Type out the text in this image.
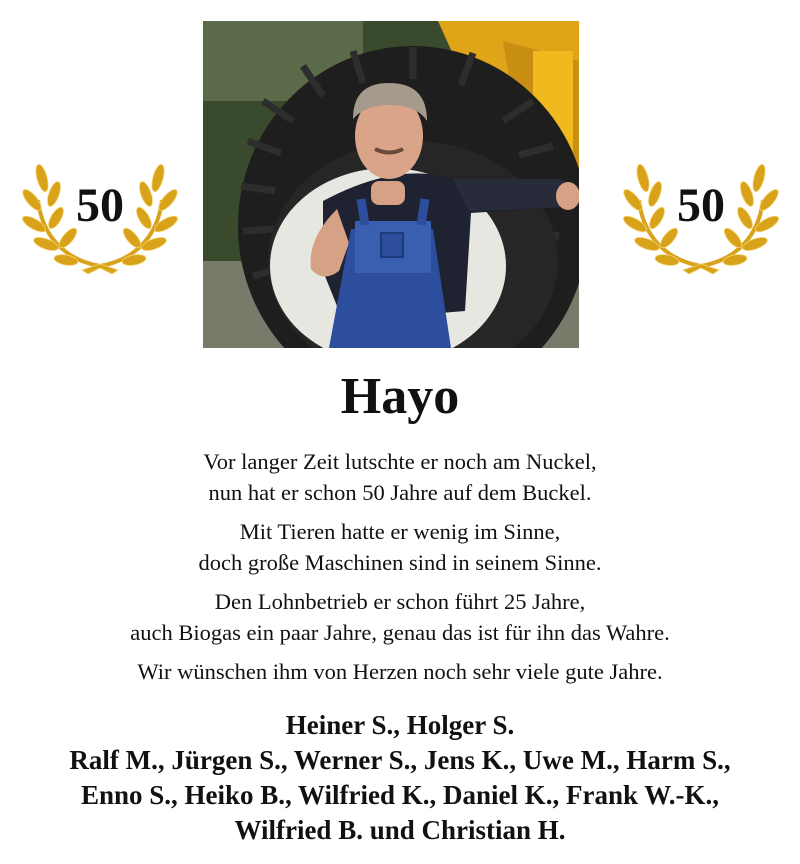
50	50
Hayo
Vor langer Zeit lutschte er noch am Nuckel,
nun hat er schon 50 Jahre auf dem Buckel.
Mit Tieren hatte er wenig im Sinne,
doch große Maschinen sind in seinem Sinne.
Den Lohnbetrieb er schon führt 25 Jahre,
auch Biogas ein paar Jahre, genau das ist für ihn das Wahre.
Wir wünschen ihm von Herzen noch sehr viele gute Jahre.
Heiner S., Holger S.
Ralf M., Jürgen S., Werner S., Jens K., Uwe M., Harm S.,
Enno S., Heiko B., Wilfried K., Daniel K., Frank W.-K.,
Wilfried B. und Christian H.
